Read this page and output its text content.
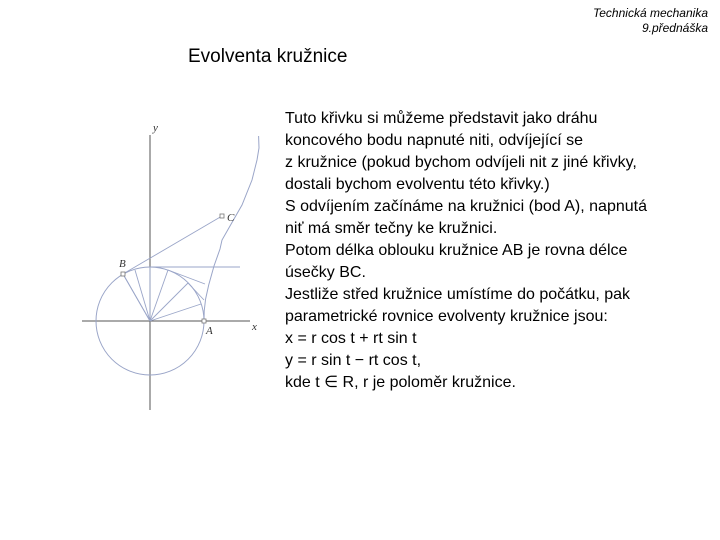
Technická mechanika
9.přednáška
Evolventa kružnice
y
x
A
B
C
Tuto křivku si můžeme představit jako dráhu
koncového bodu napnuté niti, odvíjející se
z kružnice (pokud bychom odvíjeli nit z jiné křivky,
dostali bychom evolventu této křivky.)
S odvíjením začínáme na kružnici (bod A), napnutá
niť má směr tečny ke kružnici.
Potom délka oblouku kružnice AB je rovna délce
úsečky BC.
Jestliže střed kružnice umístíme do počátku, pak
parametrické rovnice evolventy kružnice jsou:
x = r cos t + rt sin t
y = r sin t − rt cos t,
kde t ∈ R, r je poloměr kružnice.
